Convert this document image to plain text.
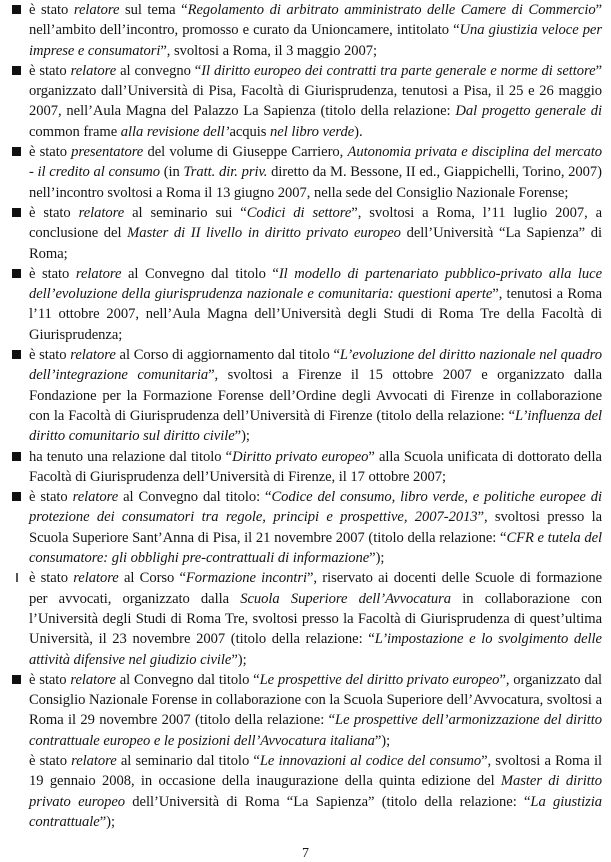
è stato relatore sul tema “Regolamento di arbitrato amministrato delle Camere di Commercio” nell’ambito dell’incontro, promosso e curato da Unioncamere, intitolato “Una giustizia veloce per imprese e consumatori”, svoltosi a Roma, il 3 maggio 2007;
è stato relatore al convegno “Il diritto europeo dei contratti tra parte generale e norme di settore” organizzato dall’Università di Pisa, Facoltà di Giurisprudenza, tenutosi a Pisa, il 25 e 26 maggio 2007, nell’Aula Magna del Palazzo La Sapienza (titolo della relazione: Dal progetto generale di common frame alla revisione dell’acquis nel libro verde).
è stato presentatore del volume di Giuseppe Carriero, Autonomia privata e disciplina del mercato - il credito al consumo (in Tratt. dir. priv. diretto da M. Bessone, II ed., Giappichelli, Torino, 2007) nell’incontro svoltosi a Roma il 13 giugno 2007, nella sede del Consiglio Nazionale Forense;
è stato relatore al seminario sui “Codici di settore”, svoltosi a Roma, l’11 luglio 2007, a conclusione del Master di II livello in diritto privato europeo dell’Università “La Sapienza” di Roma;
è stato relatore al Convegno dal titolo “Il modello di partenariato pubblico-privato alla luce dell’evoluzione della giurisprudenza nazionale e comunitaria: questioni aperte”, tenutosi a Roma l’11 ottobre 2007, nell’Aula Magna dell’Università degli Studi di Roma Tre della Facoltà di Giurisprudenza;
è stato relatore al Corso di aggiornamento dal titolo “L’evoluzione del diritto nazionale nel quadro dell’integrazione comunitaria”, svoltosi a Firenze il 15 ottobre 2007 e organizzato dalla Fondazione per la Formazione Forense dell’Ordine degli Avvocati di Firenze in collaborazione con la Facoltà di Giurisprudenza dell’Università di Firenze (titolo della relazione: “L’influenza del diritto comunitario sul diritto civile”);
ha tenuto una relazione dal titolo “Diritto privato europeo” alla Scuola unificata di dottorato della Facoltà di Giurisprudenza dell’Università di Firenze, il 17 ottobre 2007;
è stato relatore al Convegno dal titolo: “Codice del consumo, libro verde, e politiche europee di protezione dei consumatori tra regole, principi e prospettive, 2007-2013”, svoltosi presso la Scuola Superiore Sant’Anna di Pisa, il 21 novembre 2007 (titolo della relazione: “CFR e tutela del consumatore: gli obblighi pre-contrattuali di informazione”);
è stato relatore al Corso “Formazione incontri”, riservato ai docenti delle Scuole di formazione per avvocati, organizzato dalla Scuola Superiore dell’Avvocatura in collaborazione con l’Università degli Studi di Roma Tre, svoltosi presso la Facoltà di Giurisprudenza di quest’ultima Università, il 23 novembre 2007 (titolo della relazione: “L’impostazione e lo svolgimento delle attività difensive nel giudizio civile”);
è stato relatore al Convegno dal titolo “Le prospettive del diritto privato europeo”, organizzato dal Consiglio Nazionale Forense in collaborazione con la Scuola Superiore dell’Avvocatura, svoltosi a Roma il 29 novembre 2007 (titolo della relazione: “Le prospettive dell’armonizzazione del diritto contrattuale europeo e le posizioni dell’Avvocatura italiana”);
è stato relatore al seminario dal titolo “Le innovazioni al codice del consumo”, svoltosi a Roma il 19 gennaio 2008, in occasione della inaugurazione della quinta edizione del Master di diritto privato europeo dell’Università di Roma “La Sapienza” (titolo della relazione: “La giustizia contrattuale”);
7
